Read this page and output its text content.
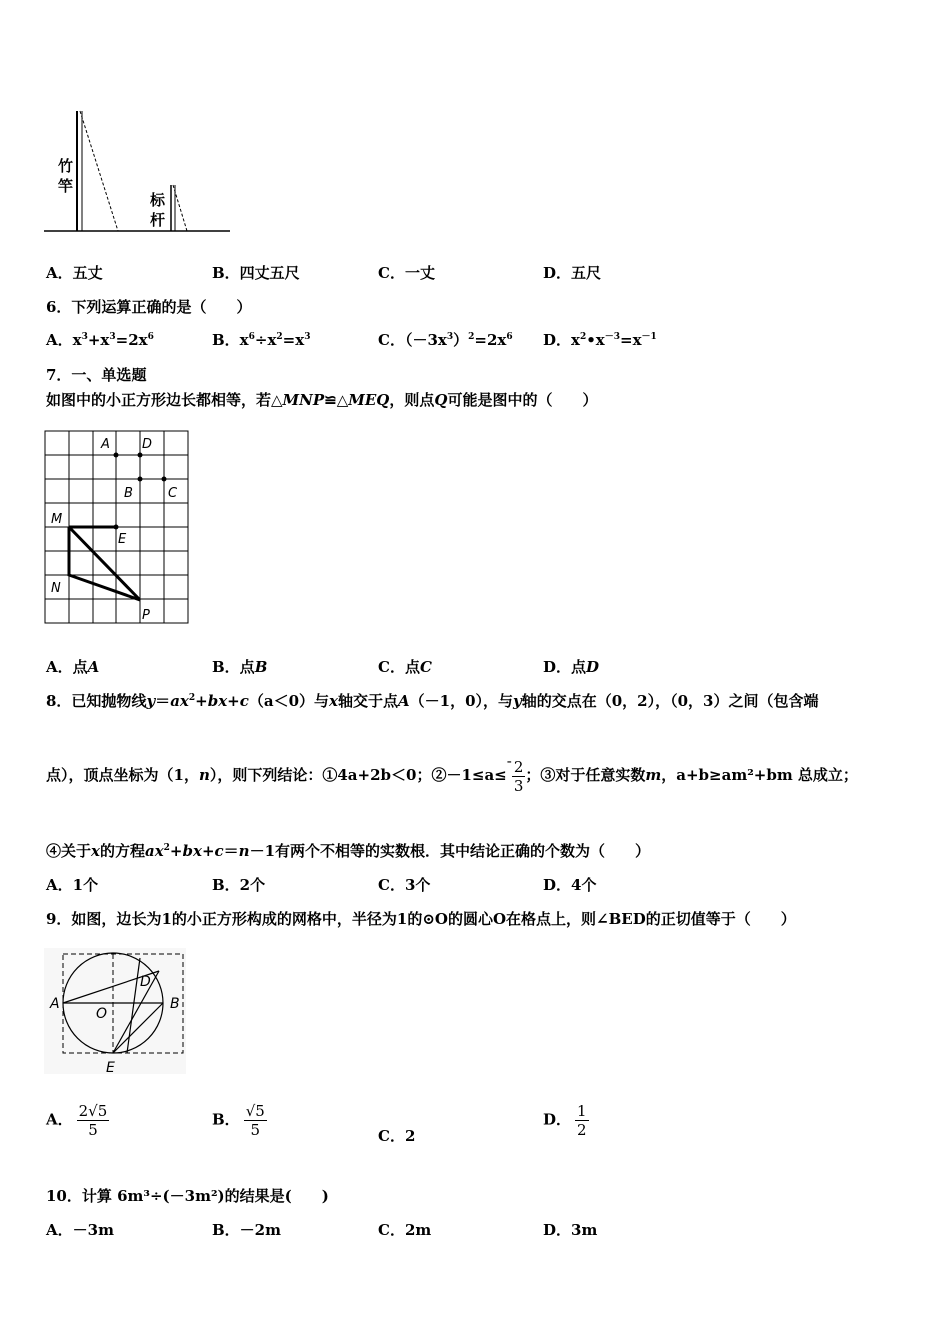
竹
竿
标
杆
A．五丈	B．四丈五尺	C．一丈	D．五尺
6．下列运算正确的是（　　）
A．$x^3+x^3=2x^6$	B．$x^6\div x^2=x^3$	C．$(-3x^3)^2=2x^6$ D．$x^2•x^{-3}=x^{-1}$
7．一、单选题
如图中的小正方形边长都相等，若△MNP≌△MEQ，则点Q可能是图中的（　　）
A D
B	C
M
E
N
P
A．点A	B．点B	C．点C	D．点D
8．已知抛物线$y=ax^2+bx+c(a<0)$与x轴交于点A（－1，0），与y轴的交点在（0，2），（0，3）之间（包含端
点），顶点坐标为（1，n），则下列结论：①4a+2b＜0；②－1≤a≤- $\frac{2}{3}$ ；③对于任意实数m，a+b≥am²+bm 总成立；
④关于x的方程$ax^2+bx+c=n-1$有两个不相等的实数根．其中结论正确的个数为（　　）
A．1个	B．2个	C．3个	D．4个
9．如图，边长为1的小正方形构成的网格中，半径为1的⊙O的圆心O在格点上，则∠BED的正切值等于（　　）
A	B
D
O
E
A． $\frac{2√5}{5}$	B． $\frac{√5}{5}$	C．2
D． $\frac{1}{2}$
10．计算 6m³÷(－3m²)的结果是(　　)
A．－3m	B．－2m	C．2m	D．3m
